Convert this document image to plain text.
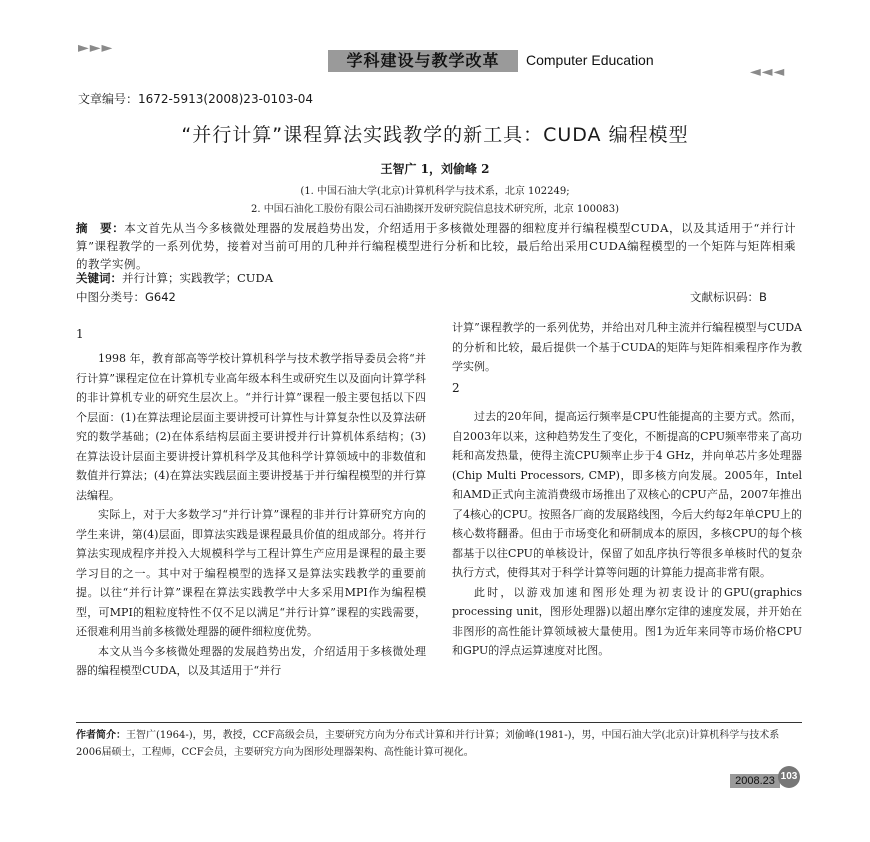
►►►
学科建设与教学改革	Computer Education
◄◄◄
文章编号：1672-5913(2008)23-0103-04
“并行计算”课程算法实践教学的新工具：CUDA 编程模型
王智广 1，刘偷峰 2
(1. 中国石油大学(北京)计算机科学与技术系，北京 102249;
2. 中国石油化工股份有限公司石油勘探开发研究院信息技术研究所，北京 100083)
摘　要：本文首先从当今多核微处理器的发展趋势出发，介绍适用于多核微处理器的细粒度并行编程模型CUDA，以及其适用于“并行计算”课程教学的一系列优势，接着对当前可用的几种并行编程模型进行分析和比较，最后给出采用CUDA编程模型的一个矩阵与矩阵相乘的教学实例。
关键词：并行计算；实践教学；CUDA
中图分类号：G642	文献标识码：B
1

1998 年，教育部高等学校计算机科学与技术教学指导委员会将“并行计算”课程定位在计算机专业高年级本科生或研究生以及面向计算学科的非计算机专业的研究生层次上。“并行计算”课程一般主要包括以下四个层面：(1)在算法理论层面主要讲授可计算性与计算复杂性以及算法研究的数学基础；(2)在体系结构层面主要讲授并行计算机体系结构；(3)在算法设计层面主要讲授计算机科学及其他科学计算领域中的非数值和数值并行算法；(4)在算法实践层面主要讲授基于并行编程模型的并行算法编程。

实际上，对于大多数学习“并行计算”课程的非并行计算研究方向的学生来讲，第(4)层面，即算法实践是课程最具价值的组成部分。将并行算法实现成程序并投入大规模科学与工程计算生产应用是课程的最主要学习目的之一。其中对于编程模型的选择又是算法实践教学的重要前提。以往“并行计算”课程在算法实践教学中大多采用MPI作为编程模型，可MPI的粗粒度特性不仅不足以满足“并行计算”课程的实践需要，还很难利用当前多核微处理器的硬件细粒度优势。

本文从当今多核微处理器的发展趋势出发，介绍适用于多核微处理器的编程模型CUDA，以及其适用于“并行

计算”课程教学的一系列优势，并给出对几种主流并行编程模型与CUDA的分析和比较，最后提供一个基于CUDA的矩阵与矩阵相乘程序作为教学实例。

2

过去的20年间，提高运行频率是CPU性能提高的主要方式。然而，自2003年以来，这种趋势发生了变化，不断提高的CPU频率带来了高功耗和高发热量，使得主流CPU频率止步于4 GHz，并向单芯片多处理器(Chip Multi Processors, CMP)，即多核方向发展。2005年，Intel和AMD正式向主流消费级市场推出了双核心的CPU产品，2007年推出了4核心的CPU。按照各厂商的发展路线图，今后大约每2年单CPU上的核心数将翻番。但由于市场变化和研制成本的原因，多核CPU的每个核都基于以往CPU的单核设计，保留了如乱序执行等很多单核时代的复杂执行方式，使得其对于科学计算等问题的计算能力提高非常有限。

此时，以游戏加速和图形处理为初衷设计的GPU(graphics processing unit，图形处理器)以超出摩尔定律的速度发展，并开始在非图形的高性能计算领域被大量使用。图1为近年来同等市场价格CPU和GPU的浮点运算速度对比图。

作者简介：王智广(1964-)，男，教授，CCF高级会员，主要研究方向为分布式计算和并行计算；刘偷峰(1981-)，男，中国石油大学(北京)计算机科学与技术系2006届硕士，工程师，CCF会员，主要研究方向为图形处理器架构、高性能计算可视化。
2008.23 103
